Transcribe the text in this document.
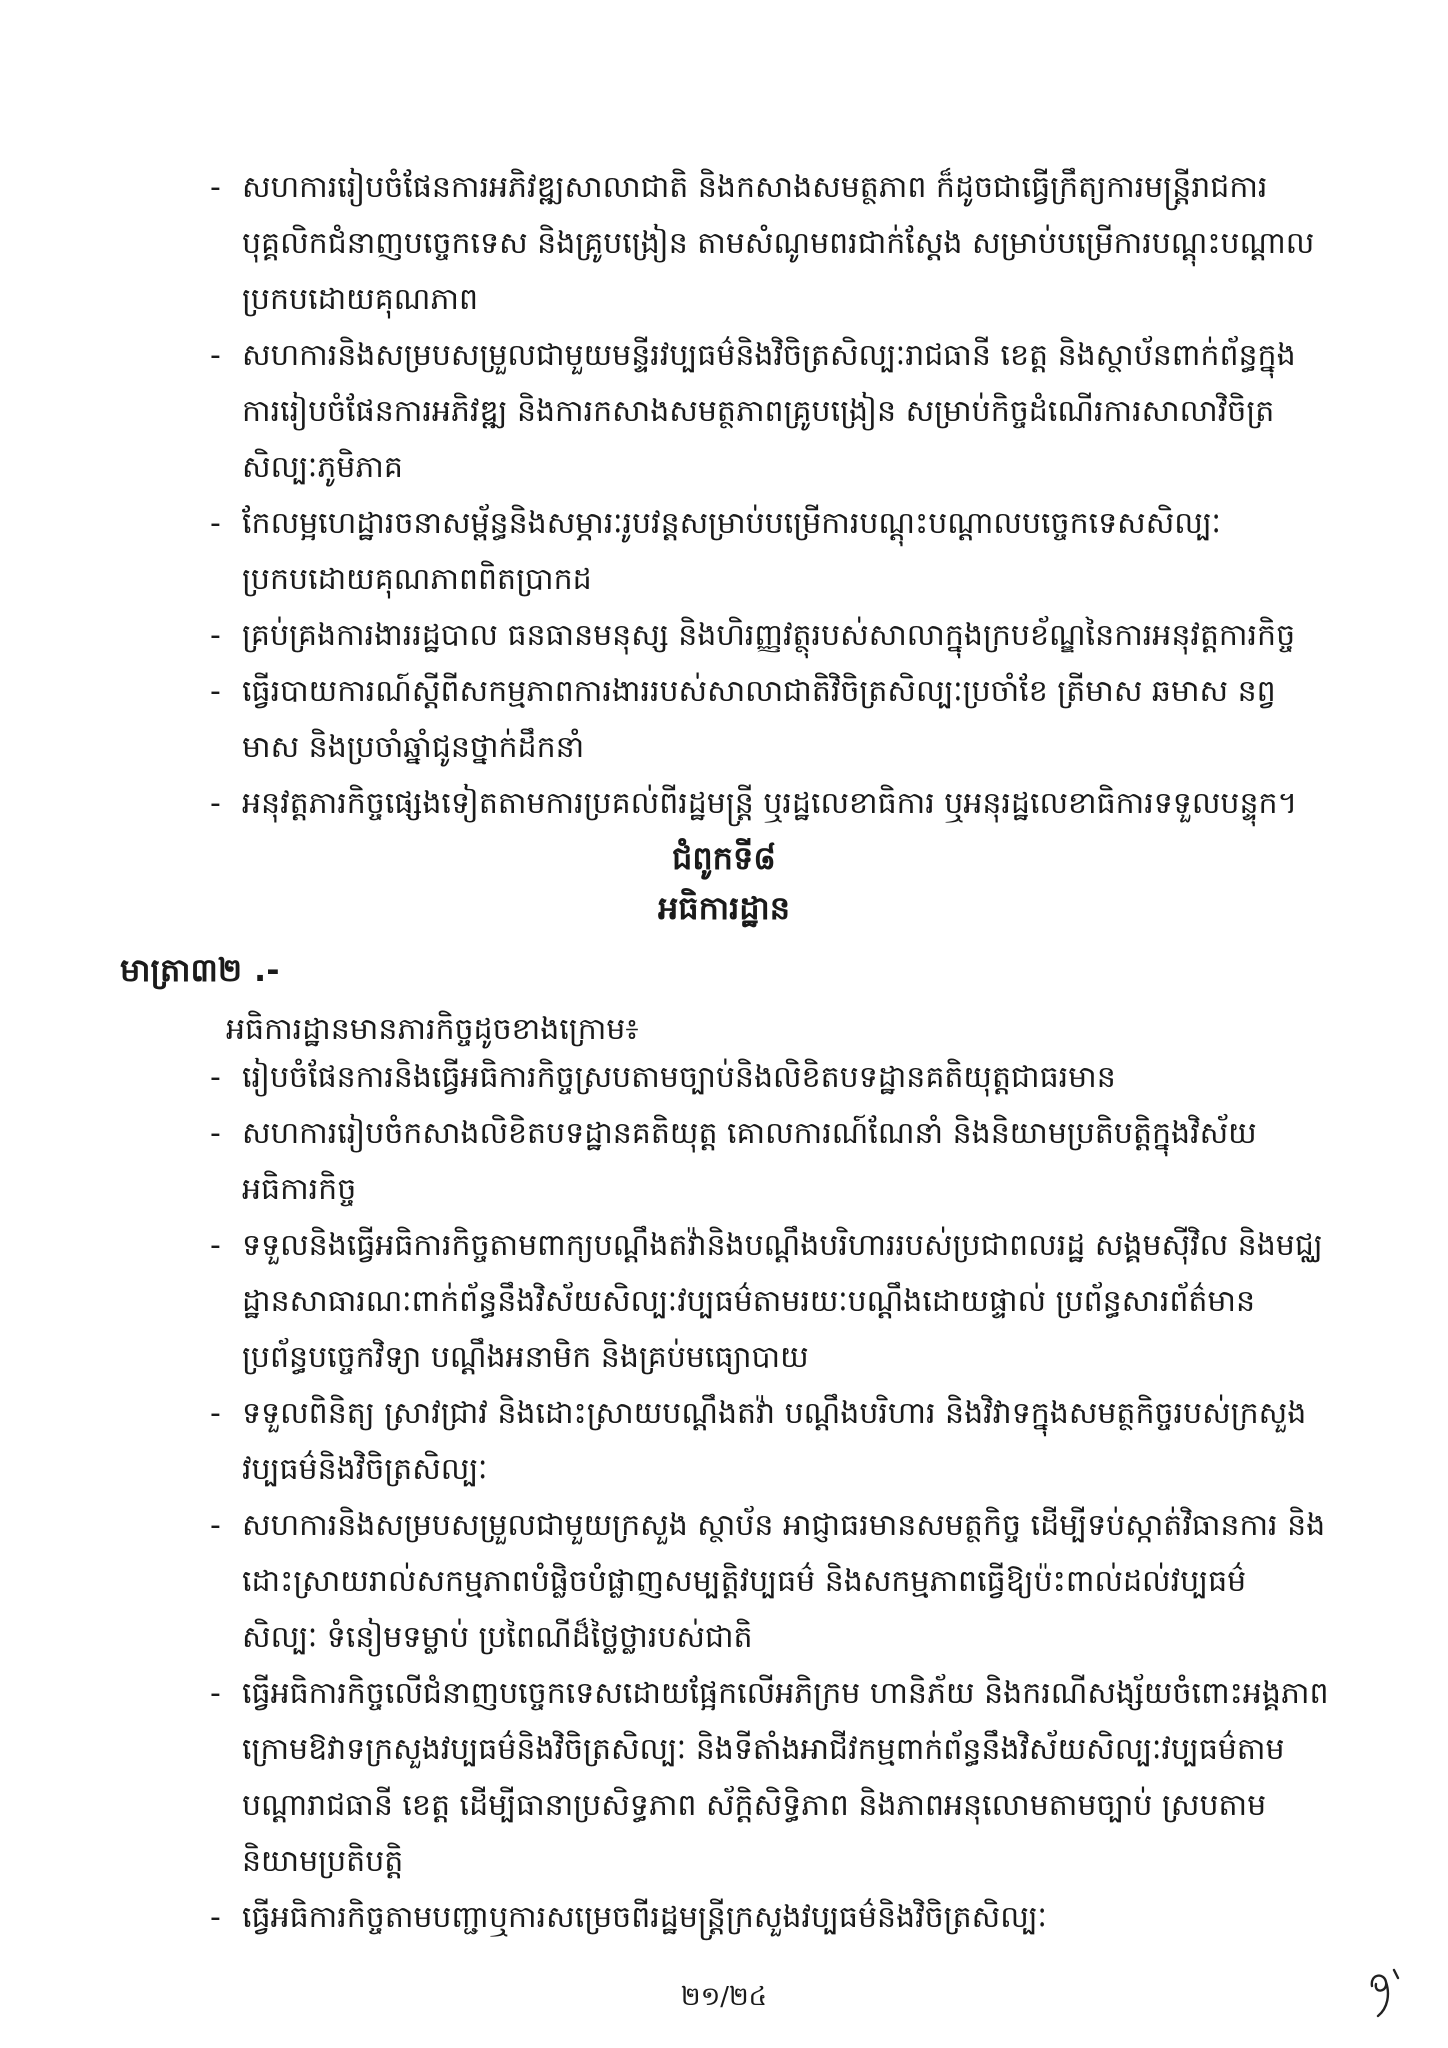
- សហការរៀបចំផែនការអភិវឌ្ឍសាលាជាតិ និងកសាងសមត្ថភាព ក៏ដូចជាធ្វើក្រឹត្យការមន្ត្រីរាជការ បុគ្គលិកជំនាញបច្ចេកទេស និងគ្រូបង្រៀន តាមសំណូមពរជាក់ស្តែង សម្រាប់បម្រើការបណ្តុះបណ្តាលប្រកបដោយគុណភាព
- សហការនិងសម្របសម្រួលជាមួយមន្ទីរវប្បធម៌និងវិចិត្រសិល្បៈរាជធានី ខេត្ត និងស្ថាប័នពាក់ព័ន្ធក្នុងការរៀបចំផែនការអភិវឌ្ឍ និងការកសាងសមត្ថភាពគ្រូបង្រៀន សម្រាប់កិច្ចដំណើរការសាលាវិចិត្រសិល្បៈភូមិភាគ
- កែលម្អហេដ្ឋារចនាសម្ព័ន្ធនិងសម្ភារៈរូបវន្តសម្រាប់បម្រើការបណ្តុះបណ្តាលបច្ចេកទេសសិល្បៈប្រកបដោយគុណភាពពិតប្រាកដ
- គ្រប់គ្រងការងាររដ្ឋបាល ធនធានមនុស្ស និងហិរញ្ញវត្ថុរបស់សាលាក្នុងក្របខ័ណ្ឌនៃការអនុវត្តការកិច្ច
- ធ្វើរបាយការណ៍ស្តីពីសកម្មភាពការងាររបស់សាលាជាតិវិចិត្រសិល្បៈប្រចាំខែ ត្រីមាស ឆមាស នព្វមាស និងប្រចាំឆ្នាំជូនថ្នាក់ដឹកនាំ
- អនុវត្តភារកិច្ចផ្សេងទៀតតាមការប្រគល់ពីរដ្ឋមន្ត្រី ឬរដ្ឋលេខាធិការ ឬអនុរដ្ឋលេខាធិការទទួលបន្ទុក។
ជំពូកទី៨
អធិការដ្ឋាន
មាត្រា៣២ .-
អធិការដ្ឋានមានភារកិច្ចដូចខាងក្រោម៖
- រៀបចំផែនការនិងធ្វើអធិការកិច្ចស្របតាមច្បាប់និងលិខិតបទដ្ឋានគតិយុត្តជាធរមាន
- សហការរៀបចំកសាងលិខិតបទដ្ឋានគតិយុត្ត គោលការណ៍ណែនាំ និងនិយាមប្រតិបត្តិក្នុងវិស័យអធិការកិច្ច
- ទទួលនិងធ្វើអធិការកិច្ចតាមពាក្យបណ្តឹងតវ៉ានិងបណ្តឹងបរិហាររបស់ប្រជាពលរដ្ឋ សង្គមស៊ីវិល និងមជ្ឈដ្ឋានសាធារណៈពាក់ព័ន្ធនឹងវិស័យសិល្បៈវប្បធម៌តាមរយៈបណ្តឹងដោយផ្ទាល់ ប្រព័ន្ធសារព័ត៌មាន ប្រព័ន្ធបច្ចេកវិទ្យា បណ្តឹងអនាមិក និងគ្រប់មធ្យោបាយ
- ទទួលពិនិត្យ ស្រាវជ្រាវ និងដោះស្រាយបណ្តឹងតវ៉ា បណ្តឹងបរិហារ និងវិវាទក្នុងសមត្ថកិច្ចរបស់ក្រសួងវប្បធម៌និងវិចិត្រសិល្បៈ
- សហការនិងសម្របសម្រួលជាមួយក្រសួង ស្ថាប័ន អាជ្ញាធរមានសមត្ថកិច្ច ដើម្បីទប់ស្កាត់វិធានការ និងដោះស្រាយរាល់សកម្មភាពបំផ្លិចបំផ្លាញសម្បត្តិវប្បធម៌ និងសកម្មភាពធ្វើឱ្យប៉ះពាល់ដល់វប្បធម៌ សិល្បៈ ទំនៀមទម្លាប់ ប្រពៃណីដ៏ថ្លៃថ្លារបស់ជាតិ
- ធ្វើអធិការកិច្ចលើជំនាញបច្ចេកទេសដោយផ្អែកលើអភិក្រម ហានិភ័យ និងករណីសង្ស័យចំពោះអង្គភាពក្រោមឱវាទក្រសួងវប្បធម៌និងវិចិត្រសិល្បៈ និងទីតាំងអាជីវកម្មពាក់ព័ន្ធនឹងវិស័យសិល្បៈវប្បធម៌តាមបណ្តារាជធានី ខេត្ត ដើម្បីធានាប្រសិទ្ធភាព ស័ក្តិសិទ្ធិភាព និងភាពអនុលោមតាមច្បាប់ ស្របតាមនិយាមប្រតិបត្តិ
- ធ្វើអធិការកិច្ចតាមបញ្ជាឬការសម្រេចពីរដ្ឋមន្ត្រីក្រសួងវប្បធម៌និងវិចិត្រសិល្បៈ
២១/២៤
